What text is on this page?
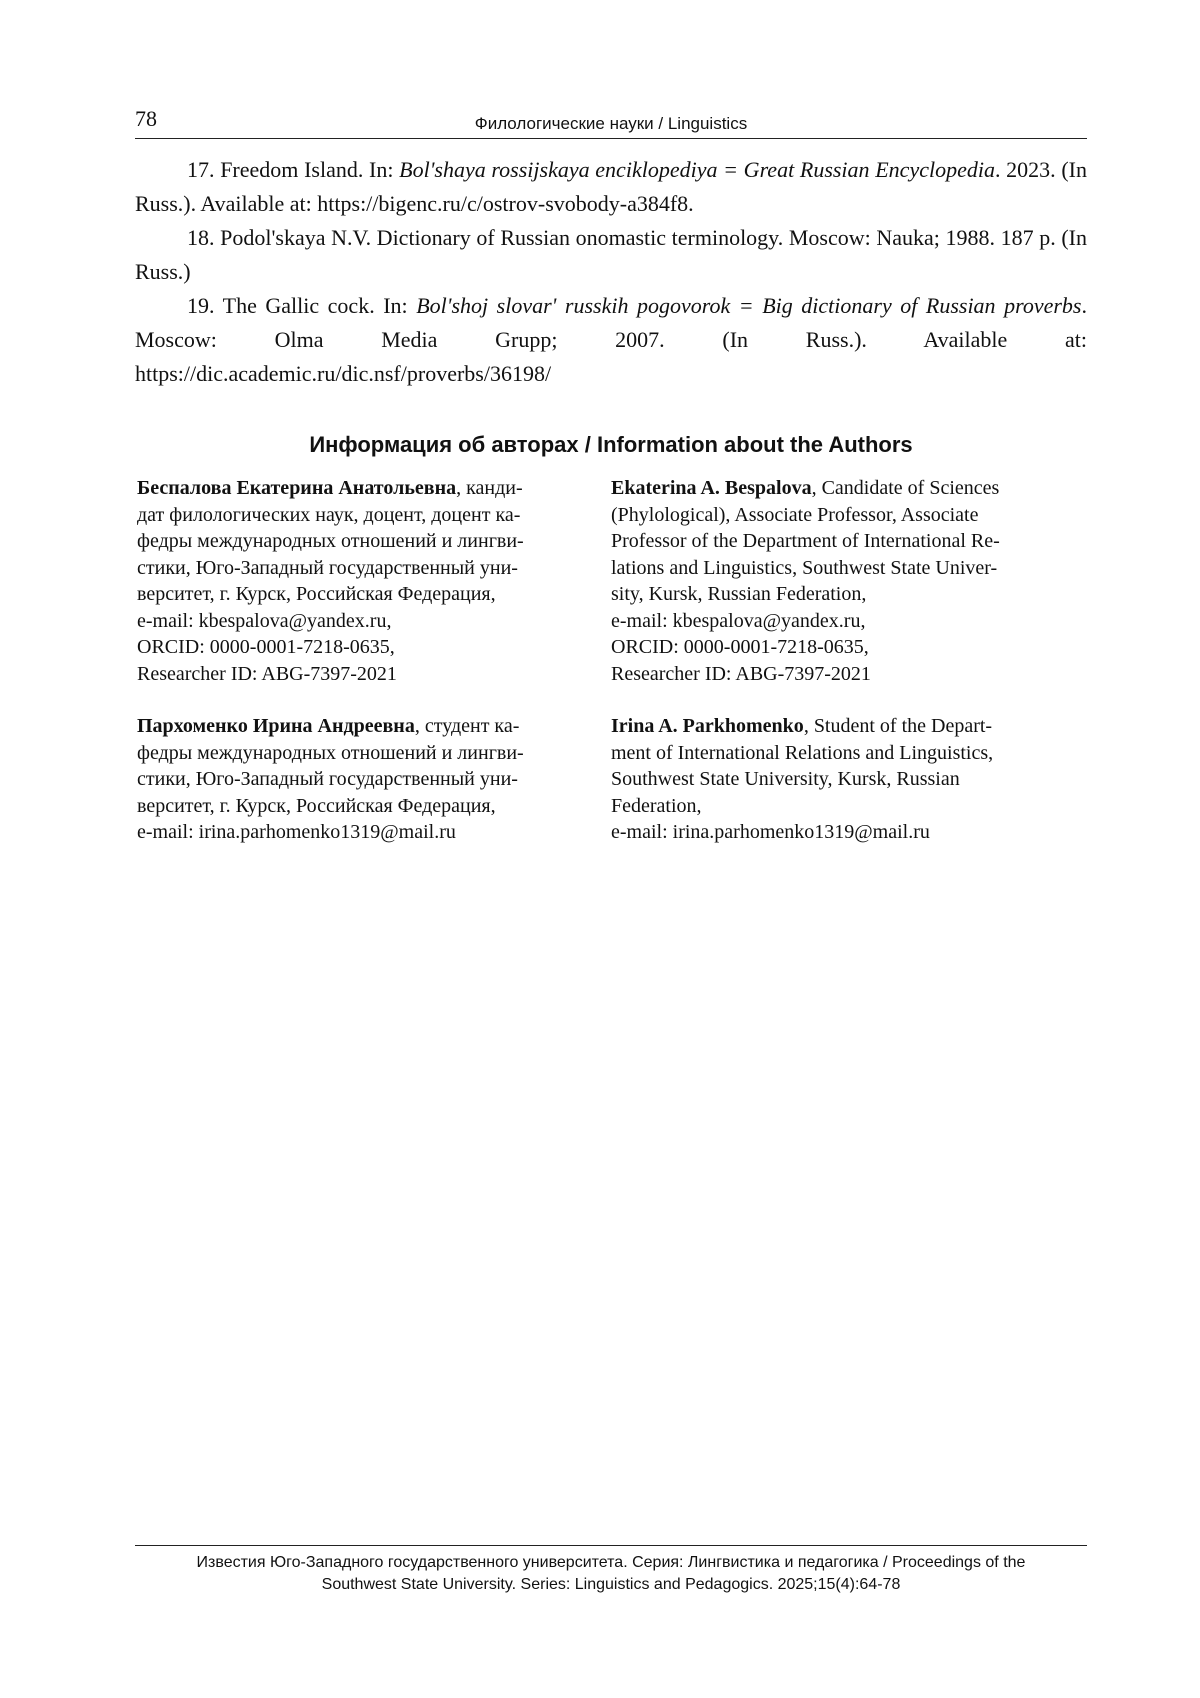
78	Филологические науки / Linguistics

17. Freedom Island. In: Bol'shaya rossijskaya enciklopediya = Great Russian Encyclopedia. 2023. (In Russ.). Available at: https://bigenc.ru/c/ostrov-svobody-a384f8.

18. Podol'skaya N.V. Dictionary of Russian onomastic terminology. Moscow: Nauka; 1988. 187 p. (In Russ.)

19. The Gallic cock. In: Bol'shoj slovar' russkih pogovorok = Big dictionary of Russian proverbs. Moscow: Olma Media Grupp; 2007. (In Russ.). Available at: https://dic.academic.ru/dic.nsf/proverbs/36198/

Информация об авторах / Information about the Authors

Беспалова Екатерина Анатольевна, канди-

дат филологических наук, доцент, доцент ка-

федры международных отношений и лингви-

стики, Юго-Западный государственный уни-

верситет, г. Курск, Российская Федерация,

e-mail: kbespalova@yandex.ru,

ORCID: 0000-0001-7218-0635,

Researcher ID: ABG-7397-2021

Пархоменко Ирина Андреевна, студент ка-

федры международных отношений и лингви-

стики, Юго-Западный государственный уни-

верситет, г. Курск, Российская Федерация,

e-mail: irina.parhomenko1319@mail.ru

Ekaterina A. Bespalova, Candidate of Sciences

(Phylological), Associate Professor, Associate

Professor of the Department of International Re-

lations and Linguistics, Southwest State Univer-

sity, Kursk, Russian Federation,

e-mail: kbespalova@yandex.ru,

ORCID: 0000-0001-7218-0635,

Researcher ID: ABG-7397-2021

Irina A. Parkhomenko, Student of the Depart-

ment of International Relations and Linguistics,

Southwest State University, Kursk, Russian

Federation,

e-mail: irina.parhomenko1319@mail.ru

Известия Юго-Западного государственного университета. Серия: Лингвистика и педагогика / Proceedings of the
Southwest State University. Series: Linguistics and Pedagogics. 2025;15(4):64-78
